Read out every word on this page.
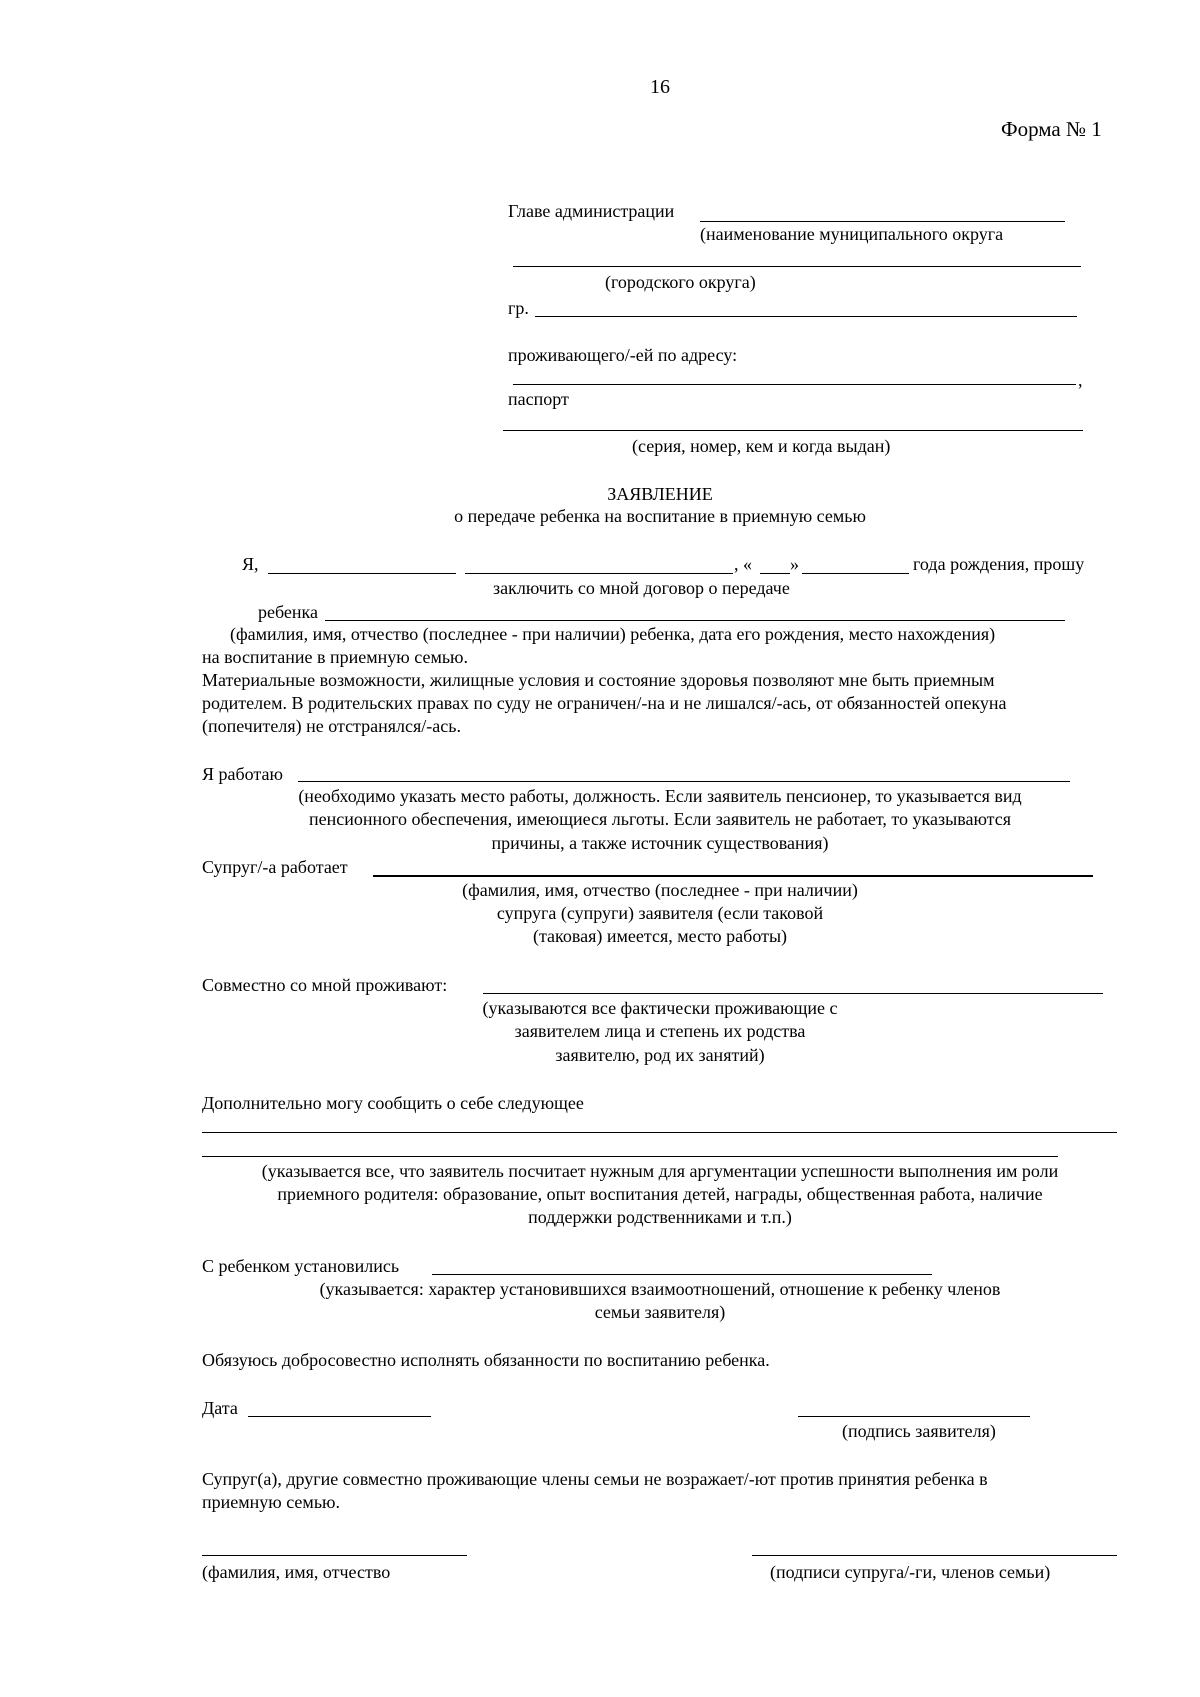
16
Форма № 1
Главе администрации
(наименование муниципального округа
(городского округа)
гр.
проживающего/-ей по адресу:
,
паспорт
(серия, номер, кем и когда выдан)
ЗАЯВЛЕНИЕ
о передаче ребенка на воспитание в приемную семью
Я,	, « »	года рождения, прошу
заключить со мной договор о передаче
ребенка
(фамилия, имя, отчество (последнее - при наличии) ребенка, дата его рождения, место нахождения)
на воспитание в приемную семью.
Материальные возможности, жилищные условия и состояние здоровья позволяют мне быть приемным
родителем. В родительских правах по суду не ограничен/-на и не лишался/-ась, от обязанностей опекуна
(попечителя) не отстранялся/-ась.
Я работаю
(необходимо указать место работы, должность. Если заявитель пенсионер, то указывается вид
пенсионного обеспечения, имеющиеся льготы. Если заявитель не работает, то указываются
причины, а также источник существования)
Супруг/-а работает
(фамилия, имя, отчество (последнее - при наличии)
супруга (супруги) заявителя (если таковой
(таковая) имеется, место работы)
Совместно со мной проживают:
(указываются все фактически проживающие с
заявителем лица и степень их родства
заявителю, род их занятий)
Дополнительно могу сообщить о себе следующее
(указывается все, что заявитель посчитает нужным для аргументации успешности выполнения им роли
приемного родителя: образование, опыт воспитания детей, награды, общественная работа, наличие
поддержки родственниками и т.п.)
С ребенком установились
(указывается: характер установившихся взаимоотношений, отношение к ребенку членов
семьи заявителя)
Обязуюсь добросовестно исполнять обязанности по воспитанию ребенка.
Дата
(подпись заявителя)
Супруг(а), другие совместно проживающие члены семьи не возражает/-ют против принятия ребенка в
приемную семью.
(фамилия, имя, отчество	(подписи супруга/-ги, членов семьи)
